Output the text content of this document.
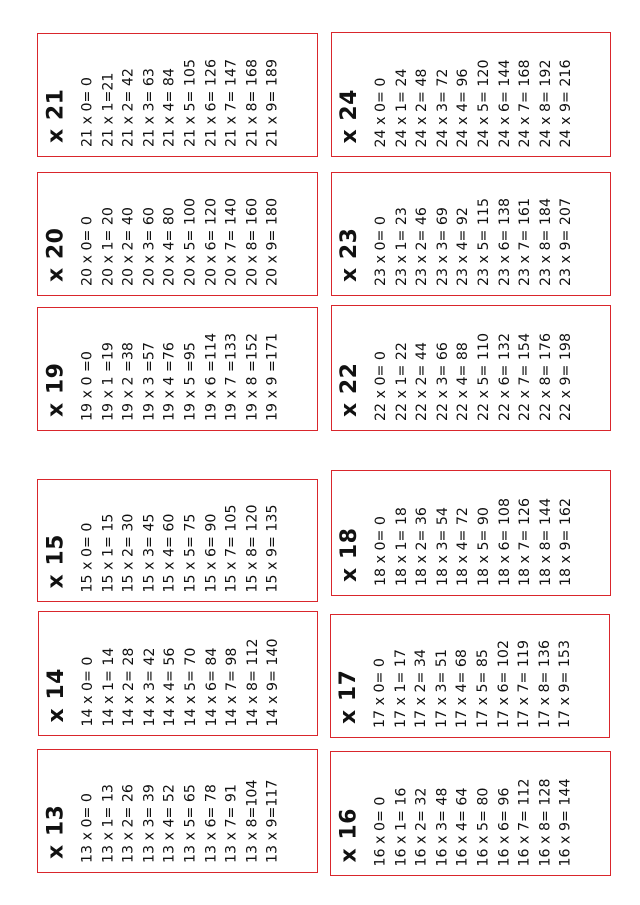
x 21 21 x 0= 0 21 x 1=21 21 x 2= 42 21 x 3= 63 21 x 4= 84 21 x 5= 105 21 x 6= 126 21 x 7= 147 21 x 8= 168 21 x 9= 189
x 20 20 x 0= 0 20 x 1= 20 20 x 2= 40 20 x 3= 60 20 x 4= 80 20 x 5= 100 20 x 6= 120 20 x 7= 140 20 x 8= 160 20 x 9= 180
x 19 19 x 0 =0 19 x 1 =19 19 x 2 =38 19 x 3 =57 19 x 4 =76 19 x 5 =95 19 x 6 =114 19 x 7 =133 19 x 8 =152 19 x 9 =171
x 24 24 x 0= 0 24 x 1= 24 24 x 2= 48 24 x 3= 72 24 x 4= 96 24 x 5= 120 24 x 6= 144 24 x 7= 168 24 x 8= 192 24 x 9= 216
x 23 23 x 0= 0 23 x 1= 23 23 x 2= 46 23 x 3= 69 23 x 4= 92 23 x 5= 115 23 x 6= 138 23 x 7= 161 23 x 8= 184 23 x 9= 207
x 22 22 x 0= 0 22 x 1= 22 22 x 2= 44 22 x 3= 66 22 x 4= 88 22 x 5= 110 22 x 6= 132 22 x 7= 154 22 x 8= 176 22 x 9= 198
x 15 15 x 0= 0 15 x 1= 15 15 x 2= 30 15 x 3= 45 15 x 4= 60 15 x 5= 75 15 x 6= 90 15 x 7= 105 15 x 8= 120 15 x 9= 135
x 14 14 x 0= 0 14 x 1= 14 14 x 2= 28 14 x 3= 42 14 x 4= 56 14 x 5= 70 14 x 6= 84 14 x 7= 98 14 x 8= 112 14 x 9= 140
x 13 13 x 0= 0 13 x 1= 13 13 x 2= 26 13 x 3= 39 13 x 4= 52 13 x 5= 65 13 x 6= 78 13 x 7= 91 13 x 8=104 13 x 9=117
x 18 18 x 0= 0 18 x 1= 18 18 x 2= 36 18 x 3= 54 18 x 4= 72 18 x 5= 90 18 x 6= 108 18 x 7= 126 18 x 8= 144 18 x 9= 162
x 17 17 x 0= 0 17 x 1= 17 17 x 2= 34 17 x 3= 51 17 x 4= 68 17 x 5= 85 17 x 6= 102 17 x 7= 119 17 x 8= 136 17 x 9= 153
x 16 16 x 0= 0 16 x 1= 16 16 x 2= 32 16 x 3= 48 16 x 4= 64 16 x 5= 80 16 x 6= 96 16 x 7= 112 16 x 8= 128 16 x 9= 144
